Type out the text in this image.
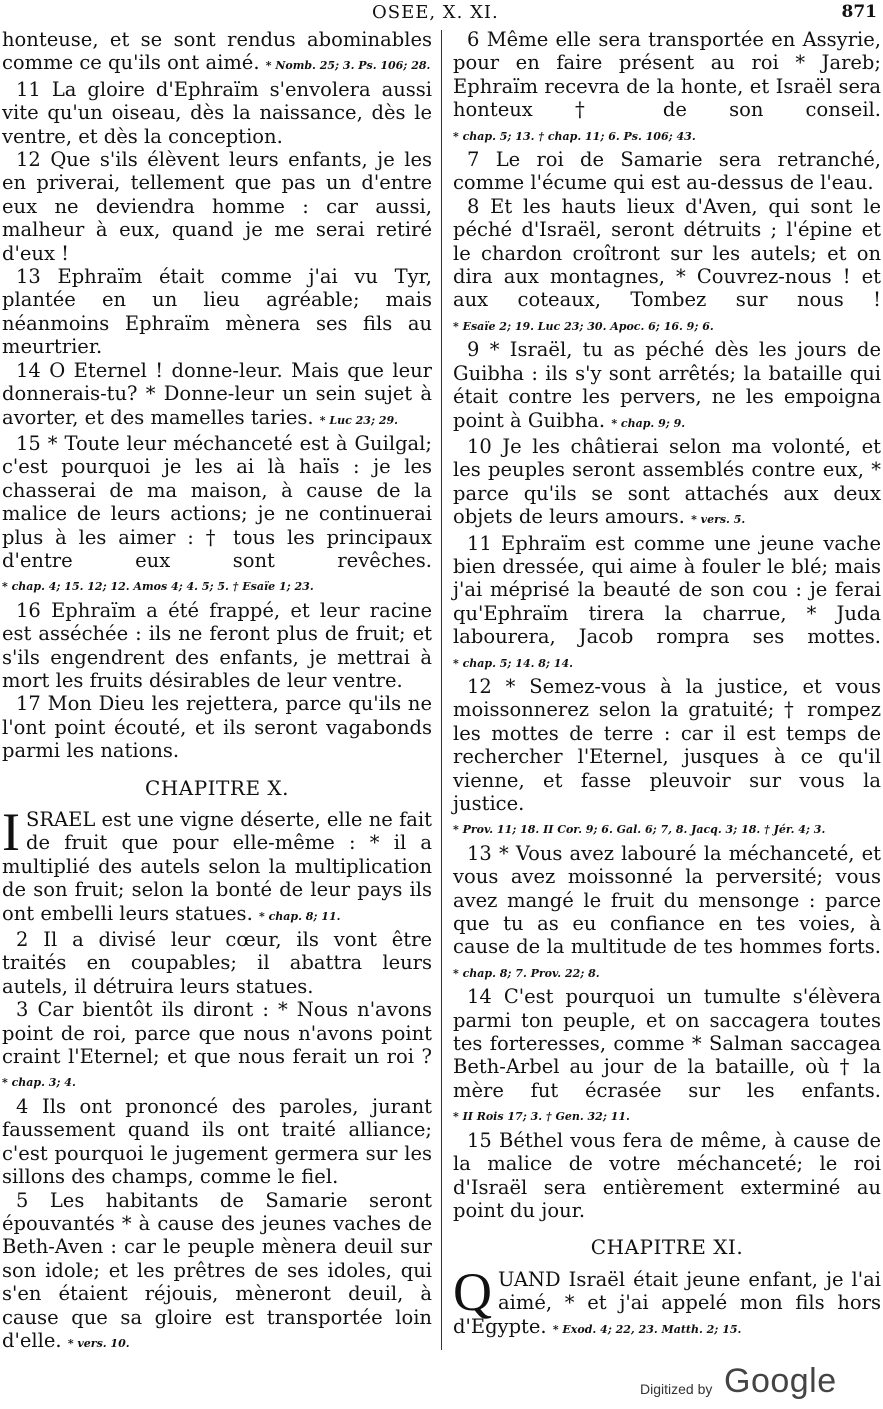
OSEE, X. XI.	871

honteuse, et se sont rendus abominables comme ce qu'ils ont aimé. * Nomb. 25; 3. Ps. 106; 28.

11 La gloire d'Ephraïm s'envolera aussi vite qu'un oiseau, dès la naissance, dès le ventre, et dès la conception.

12 Que s'ils élèvent leurs enfants, je les en priverai, tellement que pas un d'entre eux ne deviendra homme : car aussi, malheur à eux, quand je me serai retiré d'eux !

13 Ephraïm était comme j'ai vu Tyr, plantée en un lieu agréable; mais néanmoins Ephraïm mènera ses fils au meurtrier.

14 O Eternel ! donne-leur. Mais que leur donnerais-tu? * Donne-leur un sein sujet à avorter, et des mamelles taries. * Luc 23; 29.

15 * Toute leur méchanceté est à Guilgal; c'est pourquoi je les ai là haïs : je les chasserai de ma maison, à cause de la malice de leurs actions; je ne continuerai plus à les aimer : † tous les principaux d'entre eux sont revêches. * chap. 4; 15. 12; 12. Amos 4; 4. 5; 5. † Esaïe 1; 23.

16 Ephraïm a été frappé, et leur racine est asséchée : ils ne feront plus de fruit; et s'ils engendrent des enfants, je mettrai à mort les fruits désirables de leur ventre.

17 Mon Dieu les rejettera, parce qu'ils ne l'ont point écouté, et ils seront vagabonds parmi les nations.

CHAPITRE X.

ISRAEL est une vigne déserte, elle ne fait de fruit que pour elle-même : * il a multiplié des autels selon la multiplication de son fruit; selon la bonté de leur pays ils ont embelli leurs statues. * chap. 8; 11.

2 Il a divisé leur cœur, ils vont être traités en coupables; il abattra leurs autels, il détruira leurs statues.

3 Car bientôt ils diront : * Nous n'avons point de roi, parce que nous n'avons point craint l'Eternel; et que nous ferait un roi ? * chap. 3; 4.

4 Ils ont prononcé des paroles, jurant faussement quand ils ont traité alliance; c'est pourquoi le jugement germera sur les sillons des champs, comme le fiel.

5 Les habitants de Samarie seront épouvantés * à cause des jeunes vaches de Beth-Aven : car le peuple mènera deuil sur son idole; et les prêtres de ses idoles, qui s'en étaient réjouis, mèneront deuil, à cause que sa gloire est transportée loin d'elle. * vers. 10.

6 Même elle sera transportée en Assyrie, pour en faire présent au roi * Jareb; Ephraïm recevra de la honte, et Israël sera honteux † de son conseil. * chap. 5; 13. † chap. 11; 6. Ps. 106; 43.

7 Le roi de Samarie sera retranché, comme l'écume qui est au-dessus de l'eau.

8 Et les hauts lieux d'Aven, qui sont le péché d'Israël, seront détruits ; l'épine et le chardon croîtront sur les autels; et on dira aux montagnes, * Couvrez-nous ! et aux coteaux, Tombez sur nous ! * Esaïe 2; 19. Luc 23; 30. Apoc. 6; 16. 9; 6.

9 * Israël, tu as péché dès les jours de Guibha : ils s'y sont arrêtés; la bataille qui était contre les pervers, ne les empoigna point à Guibha. * chap. 9; 9.

10 Je les châtierai selon ma volonté, et les peuples seront assemblés contre eux, * parce qu'ils se sont attachés aux deux objets de leurs amours. * vers. 5.

11 Ephraïm est comme une jeune vache bien dressée, qui aime à fouler le blé; mais j'ai méprisé la beauté de son cou : je ferai qu'Ephraïm tirera la charrue, * Juda labourera, Jacob rompra ses mottes. * chap. 5; 14. 8; 14.

12 * Semez-vous à la justice, et vous moissonnerez selon la gratuité; † rompez les mottes de terre : car il est temps de rechercher l'Eternel, jusques à ce qu'il vienne, et fasse pleuvoir sur vous la justice. * Prov. 11; 18. II Cor. 9; 6. Gal. 6; 7, 8. Jacq. 3; 18. † Jér. 4; 3.

13 * Vous avez labouré la méchanceté, et vous avez moissonné la perversité; vous avez mangé le fruit du mensonge : parce que tu as eu confiance en tes voies, à cause de la multitude de tes hommes forts. * chap. 8; 7. Prov. 22; 8.

14 C'est pourquoi un tumulte s'élèvera parmi ton peuple, et on saccagera toutes tes forteresses, comme * Salman saccagea Beth-Arbel au jour de la bataille, où † la mère fut écrasée sur les enfants. * II Rois 17; 3. † Gen. 32; 11.

15 Béthel vous fera de même, à cause de la malice de votre méchanceté; le roi d'Israël sera entièrement exterminé au point du jour.

CHAPITRE XI.

QUAND Israël était jeune enfant, je l'ai aimé, * et j'ai appelé mon fils hors d'Egypte. * Exod. 4; 22, 23. Matth. 2; 15.

Digitized by Google
